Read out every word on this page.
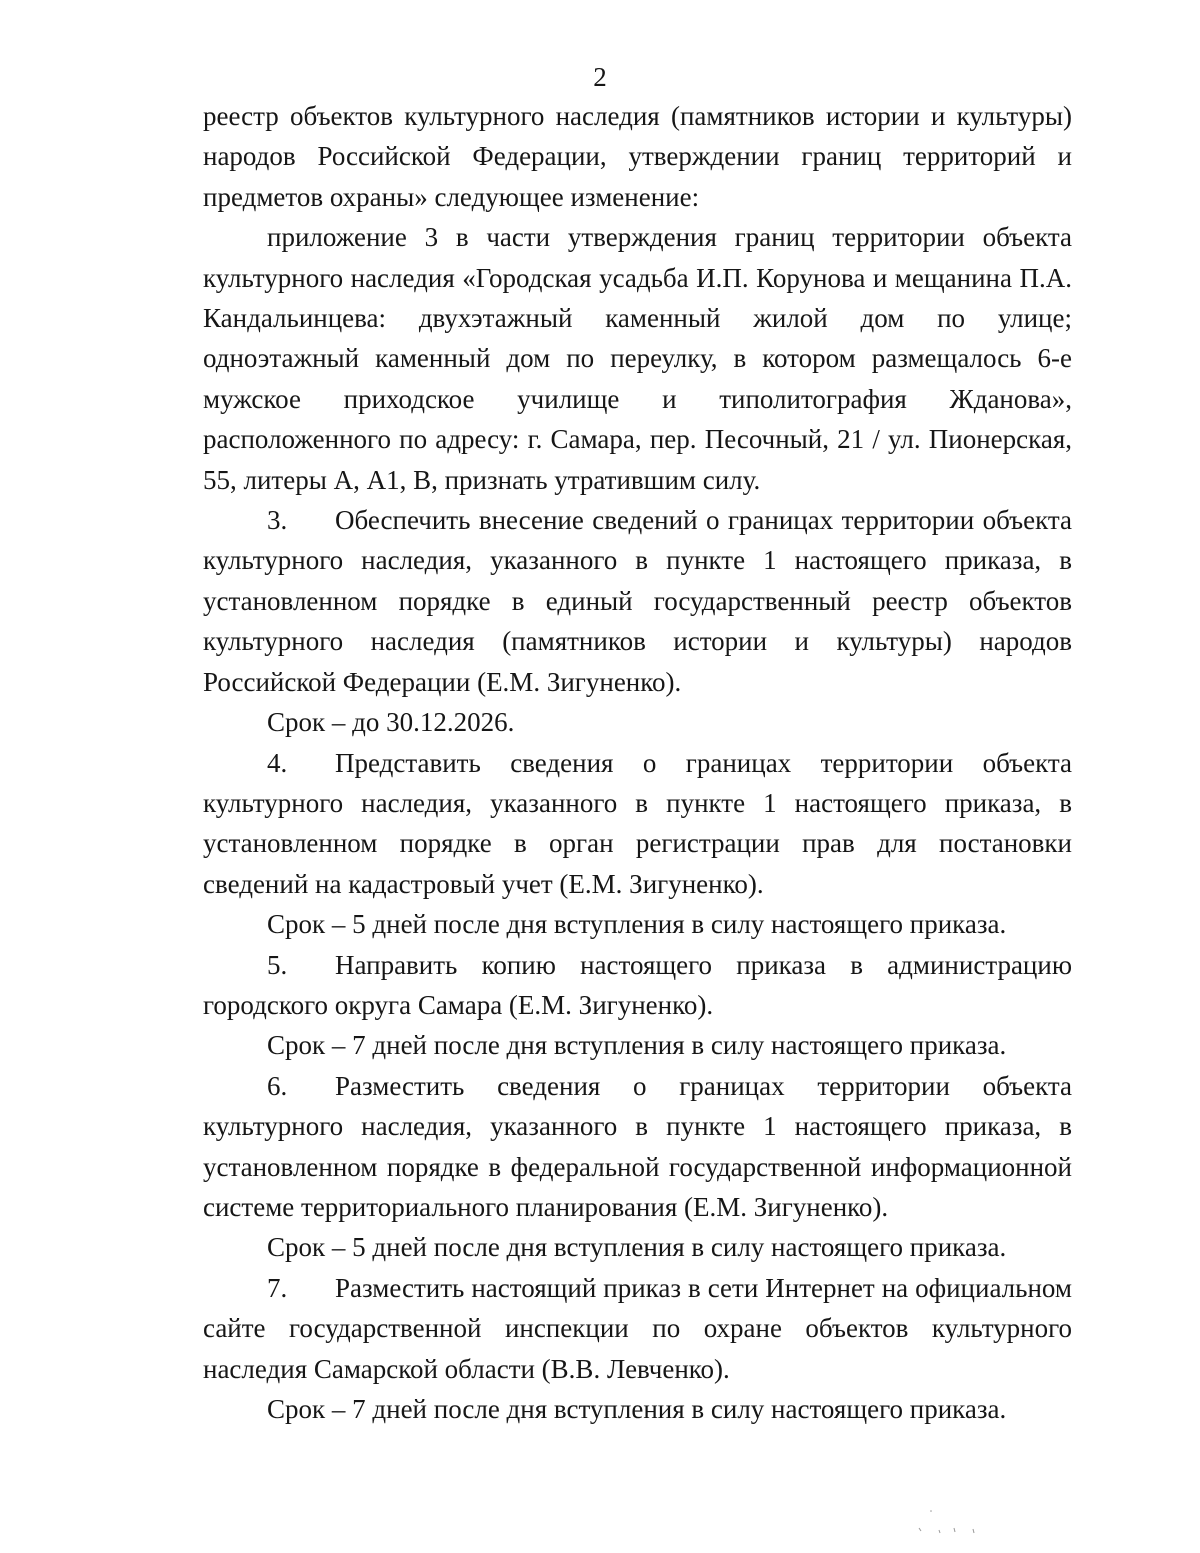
2

реестр объектов культурного наследия (памятников истории и культуры) народов Российской Федерации, утверждении границ территорий и предметов охраны» следующее изменение:

приложение 3 в части утверждения границ территории объекта культурного наследия «Городская усадьба И.П. Корунова и мещанина П.А. Кандальинцева: двухэтажный каменный жилой дом по улице; одноэтажный каменный дом по переулку, в котором размещалось 6-е мужское приходское училище и типолитография Жданова», расположенного по адресу: г. Самара, пер. Песочный, 21 / ул. Пионерская, 55, литеры А, А1, В, признать утратившим силу.

3. Обеспечить внесение сведений о границах территории объекта культурного наследия, указанного в пункте 1 настоящего приказа, в установленном порядке в единый государственный реестр объектов культурного наследия (памятников истории и культуры) народов Российской Федерации (Е.М. Зигуненко).

Срок – до 30.12.2026.

4. Представить сведения о границах территории объекта культурного наследия, указанного в пункте 1 настоящего приказа, в установленном порядке в орган регистрации прав для постановки сведений на кадастровый учет (Е.М. Зигуненко).

Срок – 5 дней после дня вступления в силу настоящего приказа.

5. Направить копию настоящего приказа в администрацию городского округа Самара (Е.М. Зигуненко).

Срок – 7 дней после дня вступления в силу настоящего приказа.

6. Разместить сведения о границах территории объекта культурного наследия, указанного в пункте 1 настоящего приказа, в установленном порядке в федеральной государственной информационной системе территориального планирования (Е.М. Зигуненко).

Срок – 5 дней после дня вступления в силу настоящего приказа.

7. Разместить настоящий приказ в сети Интернет на официальном сайте государственной инспекции по охране объектов культурного наследия Самарской области (В.В. Левченко).

Срок – 7 дней после дня вступления в силу настоящего приказа.
